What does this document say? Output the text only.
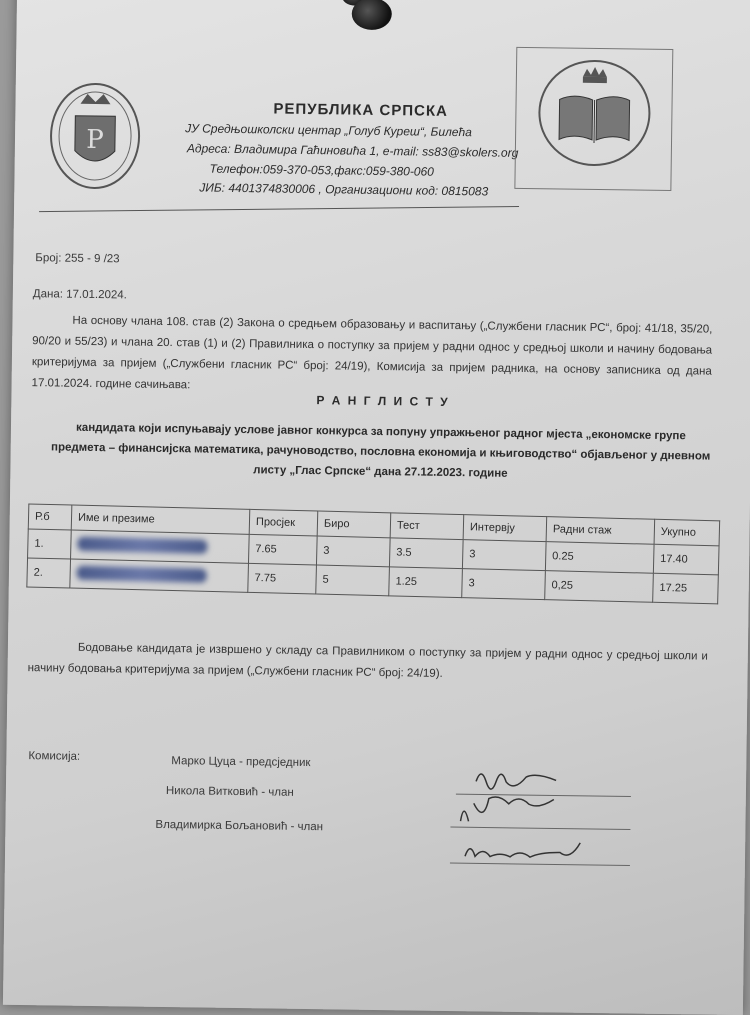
P
РЕПУБЛИКА СРПСКА
ЈУ Средњошколски центар „Голуб Куреш“, Билећа
Адреса: Владимира Гаћиновића 1, e-mail: ss83@skolers.org
Телефон:059-370-053,факс:059-380-060
ЈИБ: 4401374830006 , Организациони код: 0815083
Број: 255 - 9 /23
Дана: 17.01.2024.
На основу члана 108. став (2) Закона о средњем образовању и васпитању („Службени гласник РС“, број: 41/18, 35/20, 90/20 и 55/23) и члана 20. став (1) и (2) Правилника о поступку за пријем у радни однос у средњој школи и начину бодовања критеријума за пријем („Службени гласник РС“ број: 24/19), Комисија за пријем радника, на основу записника од дана 17.01.2024. године сачињава:
Р А Н Г Л И С Т У
кандидата који испуњавају услове јавног конкурса за попуну упражњеног радног мјеста „економске групе предмета – финансијска математика, рачуноводство, пословна економија и књиговодство“ објављеног у дневном листу „Глас Српске“ дана 27.12.2023. године
Р.б	Име и презиме	Просјек	Биро	Тест	Интервју	Радни стаж	Укупно
1.		7.65	3	3.5	3	0.25	17.40
2.		7.75	5	1.25	3	0,25	17.25
Бодовање кандидата је извршено у складу са Правилником о поступку за пријем у радни однос у средњој школи и начину бодовања критеријума за пријем („Службени гласник РС“ број: 24/19).
Комисија:	Марко Цуца - предсједник
Никола Витковић - члан
Владимирка Бољановић - члан
